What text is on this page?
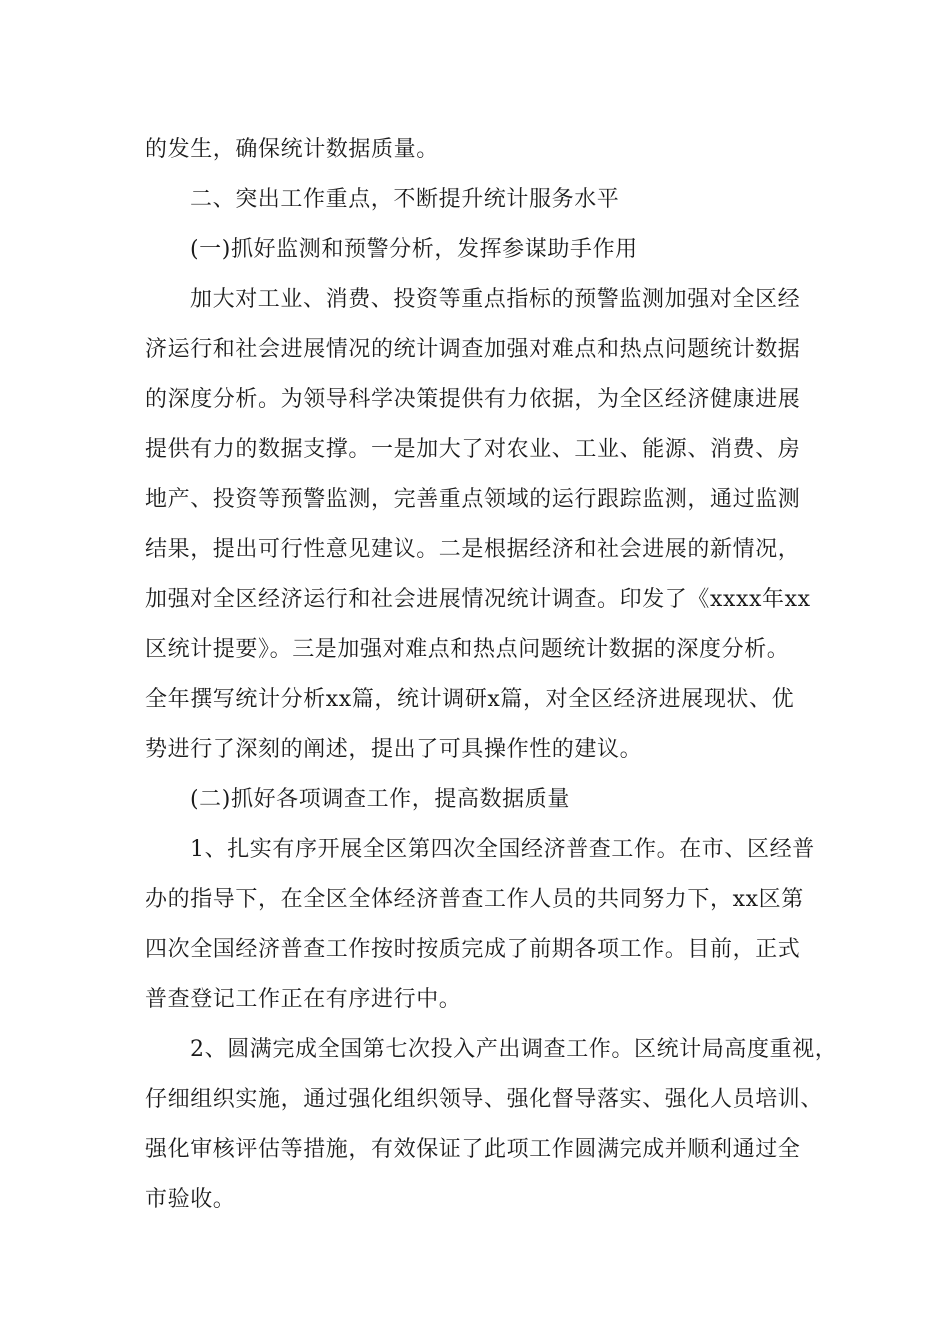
的发生，确保统计数据质量。
二、突出工作重点，不断提升统计服务水平
(一)抓好监测和预警分析，发挥参谋助手作用
加大对工业、消费、投资等重点指标的预警监测加强对全区经
济运行和社会进展情况的统计调查加强对难点和热点问题统计数据
的深度分析。为领导科学决策提供有力依据，为全区经济健康进展
提供有力的数据支撑。一是加大了对农业、工业、能源、消费、房
地产、投资等预警监测，完善重点领域的运行跟踪监测，通过监测
结果，提出可行性意见建议。二是根据经济和社会进展的新情况，
加强对全区经济运行和社会进展情况统计调查。印发了《xxxx年xx
区统计提要》。三是加强对难点和热点问题统计数据的深度分析。
全年撰写统计分析xx篇，统计调研x篇，对全区经济进展现状、优
势进行了深刻的阐述，提出了可具操作性的建议。
(二)抓好各项调查工作，提高数据质量
1、扎实有序开展全区第四次全国经济普查工作。在市、区经普
办的指导下，在全区全体经济普查工作人员的共同努力下，xx区第
四次全国经济普查工作按时按质完成了前期各项工作。目前，正式
普查登记工作正在有序进行中。
2、圆满完成全国第七次投入产出调查工作。区统计局高度重视，
仔细组织实施，通过强化组织领导、强化督导落实、强化人员培训、
强化审核评估等措施，有效保证了此项工作圆满完成并顺利通过全
市验收。
